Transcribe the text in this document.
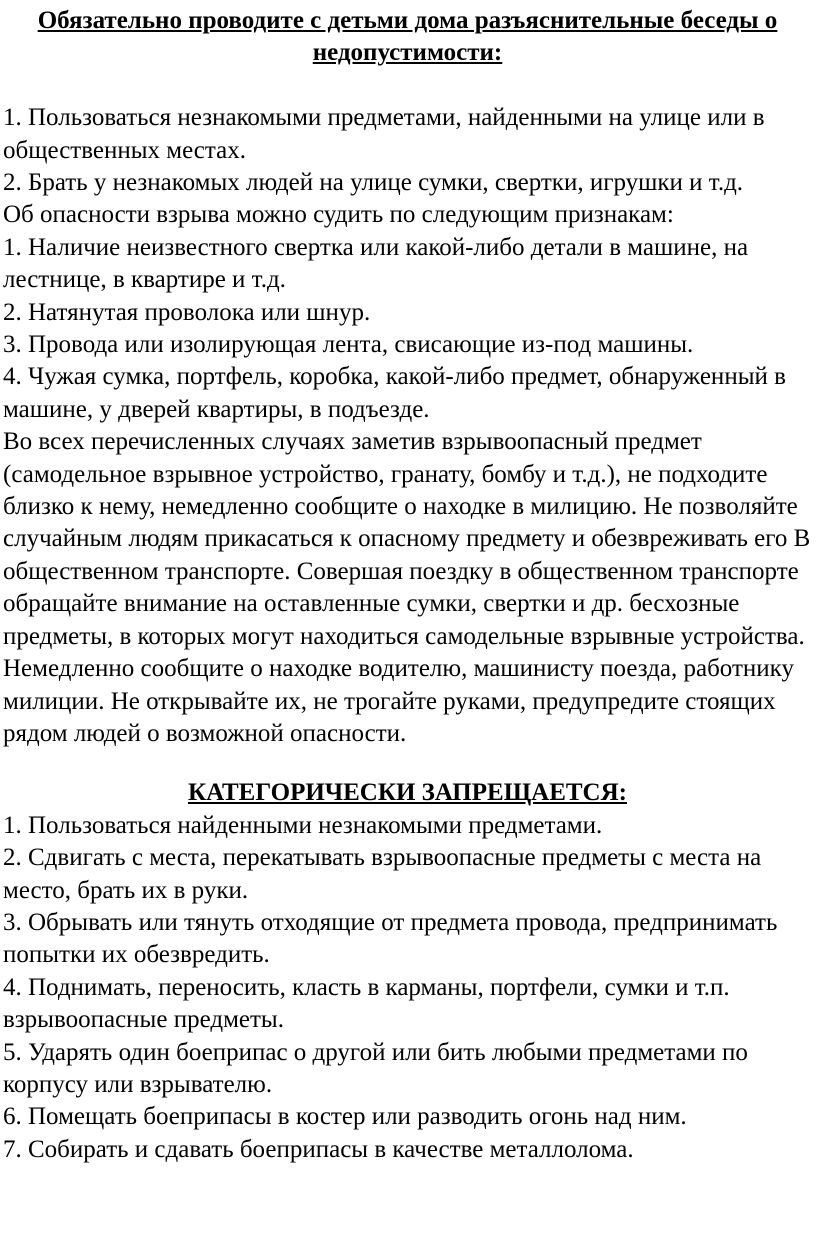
Обязательно проводите с детьми дома разъяснительные беседы о недопустимости:

1. Пользоваться незнакомыми предметами, найденными на улице или в общественных местах.

2. Брать у незнакомых людей на улице сумки, свертки, игрушки и т.д.

Об опасности взрыва можно судить по следующим признакам:

1. Наличие неизвестного свертка или какой-либо детали в машине, на лестнице, в квартире и т.д.

2. Натянутая проволока или шнур.

3. Провода или изолирующая лента, свисающие из-под машины.

4. Чужая сумка, портфель, коробка, какой-либо предмет, обнаруженный в машине, у дверей квартиры, в подъезде.

Во всех перечисленных случаях заметив взрывоопасный предмет (самодельное взрывное устройство, гранату, бомбу и т.д.), не подходите близко к нему, немедленно сообщите о находке в милицию. Не позволяйте случайным людям прикасаться к опасному предмету и обезвреживать его В общественном транспорте. Совершая поездку в общественном транспорте обращайте внимание на оставленные сумки, свертки и др. бесхозные предметы, в которых могут находиться самодельные взрывные устройства. Немедленно сообщите о находке водителю, машинисту поезда, работнику милиции. Не открывайте их, не трогайте руками, предупредите стоящих рядом людей о возможной опасности.

КАТЕГОРИЧЕСКИ ЗАПРЕЩАЕТСЯ:

1. Пользоваться найденными незнакомыми предметами.

2. Сдвигать с места, перекатывать взрывоопасные предметы с места на место, брать их в руки.

3. Обрывать или тянуть отходящие от предмета провода, предпринимать попытки их обезвредить.

4. Поднимать, переносить, класть в карманы, портфели, сумки и т.п. взрывоопасные предметы.

5. Ударять один боеприпас о другой или бить любыми предметами по корпусу или взрывателю.

6. Помещать боеприпасы в костер или разводить огонь над ним.

7. Собирать и сдавать боеприпасы в качестве металлолома.
